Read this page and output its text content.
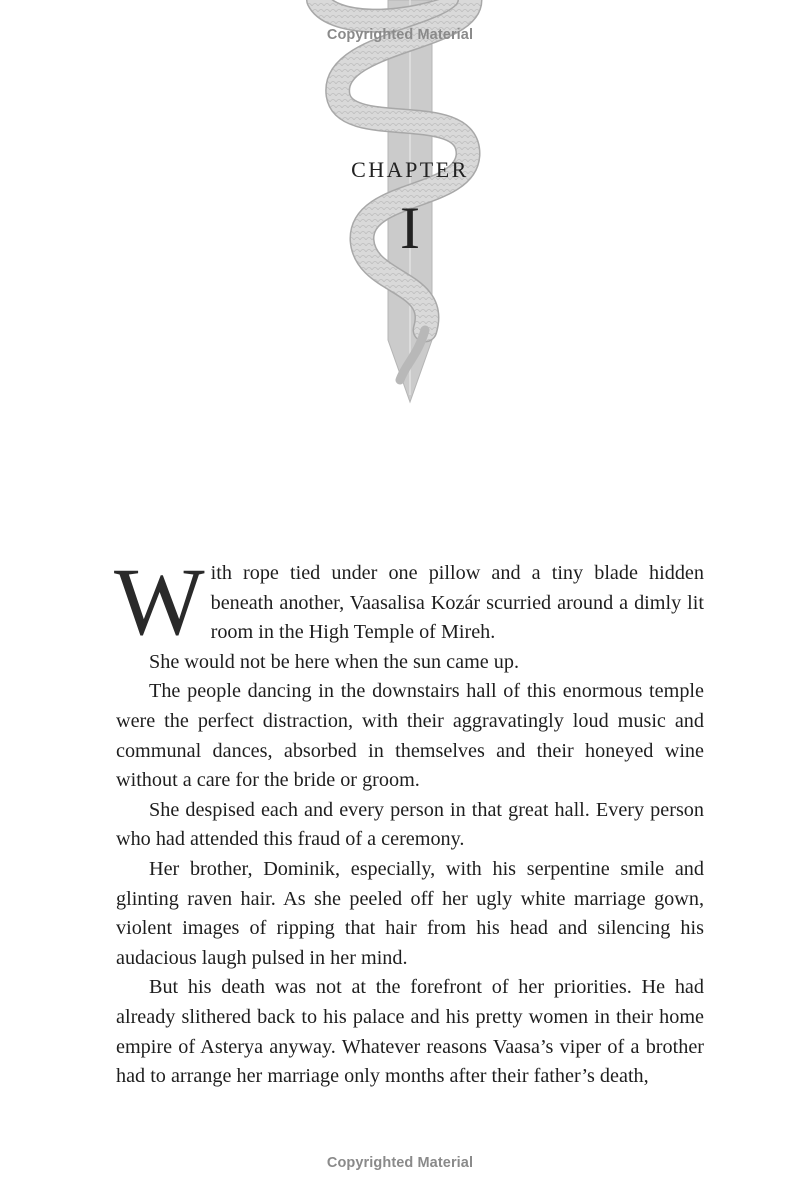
Copyrighted Material
CHAPTER
I

With rope tied under one pillow and a tiny blade hidden beneath another, Vaasalisa Kozár scurried around a dimly lit room in the High Temple of Mireh.

She would not be here when the sun came up.

The people dancing in the downstairs hall of this enormous temple were the perfect distraction, with their aggravatingly loud music and communal dances, absorbed in themselves and their honeyed wine without a care for the bride or groom.

She despised each and every person in that great hall. Every person who had attended this fraud of a ceremony.

Her brother, Dominik, especially, with his serpentine smile and glinting raven hair. As she peeled off her ugly white marriage gown, violent images of ripping that hair from his head and silencing his audacious laugh pulsed in her mind.

But his death was not at the forefront of her priorities. He had already slithered back to his palace and his pretty women in their home empire of Asterya anyway. Whatever reasons Vaasa’s viper of a brother had to arrange her marriage only months after their father’s death,

Copyrighted Material
